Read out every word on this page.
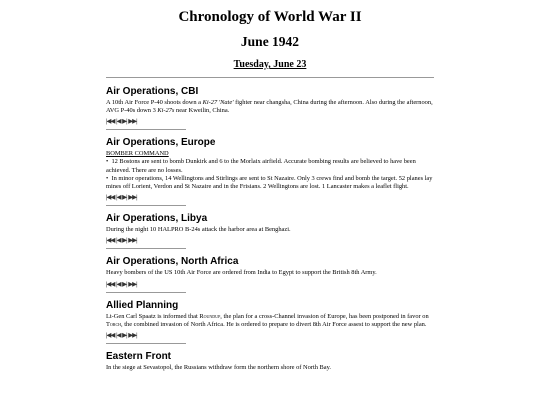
Chronology of World War II
June 1942
Tuesday, June 23
Air Operations, CBI

A 10th Air Force P-40 shoots down a Ki-27 'Nate' fighter near changsha, China during the afternoon. Also during the afternoon, AVG P-40s down 3 Ki-27s near Kweilin, China.

|◀◀ |◀ ▶| ▶▶|
Air Operations, Europe
BOMBER COMMAND

•  12 Bostons are sent to bomb Dunkirk and 6 to the Morlaix airfield. Accurate bombing results are believed to have been achieved. There are no losses.

•  In minor operations, 14 Wellingtons and Stirlings are sent to St Nazaire. Only 3 crews find and bomb the target. 52 planes lay mines off Lorient, Verdon and St Nazaire and in the Frisians. 2 Wellingtons are lost. 1 Lancaster makes a leaflet flight.

|◀◀ |◀ ▶| ▶▶|
Air Operations, Libya

During the night 10 HALPRO B-24s attack the harbor area at Benghazi.

|◀◀ |◀ ▶| ▶▶|
Air Operations, North Africa

Heavy bombers of the US 10th Air Force are ordered from India to Egypt to support the British 8th Army.

|◀◀ |◀ ▶| ▶▶|
Allied Planning

Lt-Gen Carl Spaatz is informed that Roundup, the plan for a cross-Channel invasion of Europe, has been postponed in favor on Torch, the combined invasion of North Africa. He is ordered to prepare to divert 8th Air Force assest to support the new plan.

|◀◀ |◀ ▶| ▶▶|
Eastern Front

In the siege at Sevastopol, the Russians withdraw form the northern shore of North Bay.
